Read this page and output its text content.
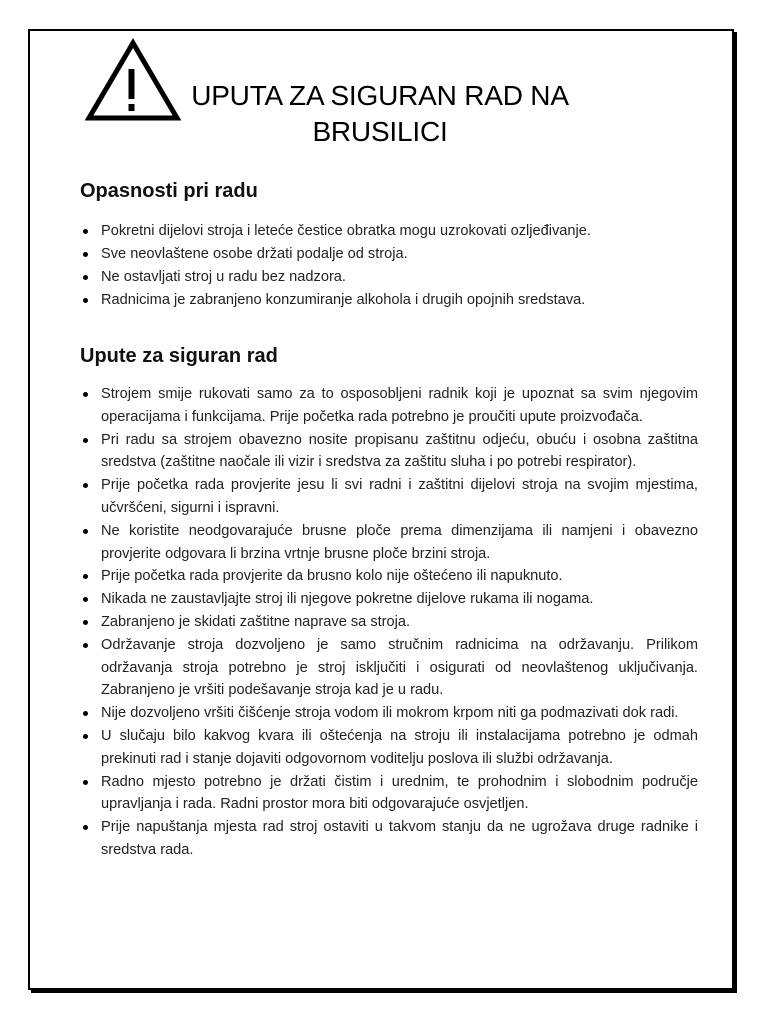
UPUTA ZA SIGURAN RAD NA
BRUSILICI
Opasnosti pri radu
Pokretni dijelovi stroja i leteće čestice obratka mogu uzrokovati ozljeđivanje.
Sve neovlaštene osobe držati podalje od stroja.
Ne ostavljati stroj u radu bez nadzora.
Radnicima je zabranjeno konzumiranje alkohola i drugih opojnih sredstava.
Upute za siguran rad
Strojem smije rukovati samo za to osposobljeni radnik koji je upoznat sa svim njegovim operacijama i funkcijama. Prije početka rada potrebno je proučiti upute proizvođača.
Pri radu sa strojem obavezno nosite propisanu zaštitnu odjeću, obuću i osobna zaštitna sredstva (zaštitne naočale ili vizir i sredstva za zaštitu sluha i po potrebi respirator).
Prije početka rada provjerite jesu li svi radni i zaštitni dijelovi stroja na svojim mjestima, učvršćeni, sigurni i ispravni.
Ne koristite neodgovarajuće brusne ploče prema dimenzijama ili namjeni i obavezno provjerite odgovara li brzina vrtnje brusne ploče brzini stroja.
Prije početka rada provjerite da brusno kolo nije oštećeno ili napuknuto.
Nikada ne zaustavljajte stroj ili njegove pokretne dijelove rukama ili nogama.
Zabranjeno je skidati zaštitne naprave sa stroja.
Održavanje stroja dozvoljeno je samo stručnim radnicima na održavanju. Prilikom održavanja stroja potrebno je stroj isključiti i osigurati od neovlaštenog uključivanja. Zabranjeno je vršiti podešavanje stroja kad je u radu.
Nije dozvoljeno vršiti čišćenje stroja vodom ili mokrom krpom niti ga podmazivati dok radi.
U slučaju bilo kakvog kvara ili oštećenja na stroju ili instalacijama potrebno je odmah prekinuti rad i stanje dojaviti odgovornom voditelju poslova ili službi održavanja.
Radno mjesto potrebno je držati čistim i urednim, te prohodnim i slobodnim područje upravljanja i rada. Radni prostor mora biti odgovarajuće osvjetljen.
Prije napuštanja mjesta rad stroj ostaviti u takvom stanju da ne ugrožava druge radnike i sredstva rada.
